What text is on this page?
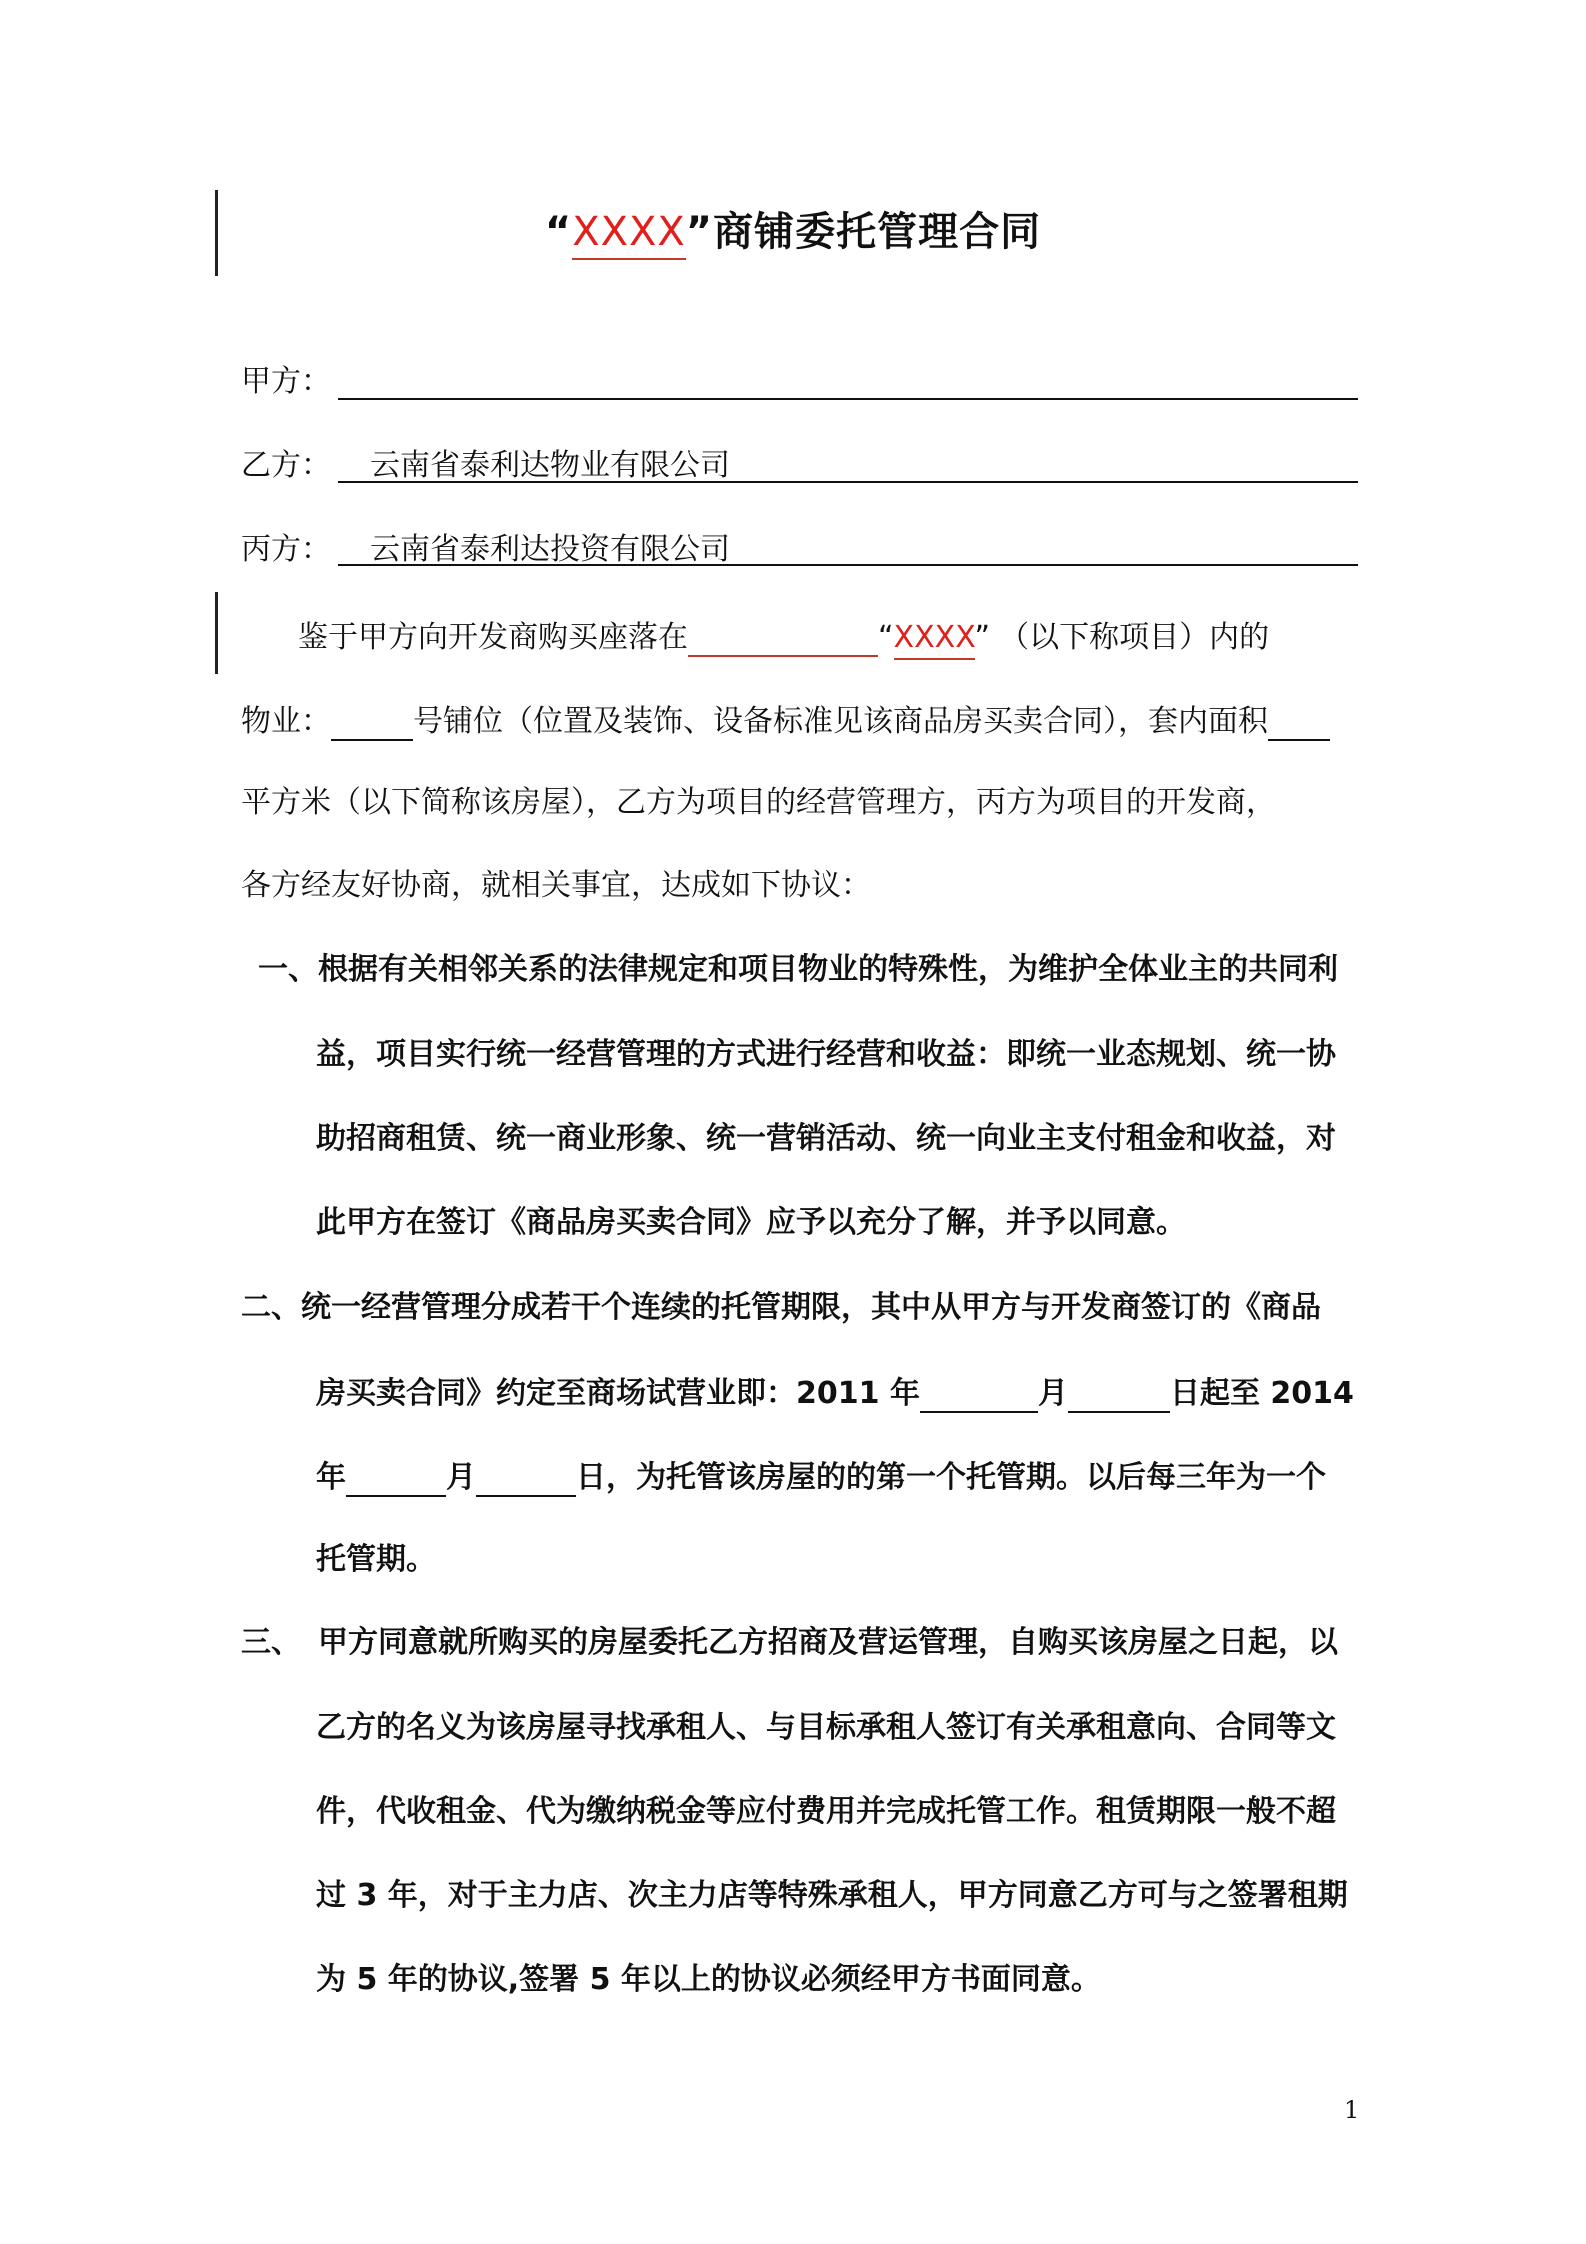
“XXXX”商铺委托管理合同
甲方：
乙方： 云南省泰利达物业有限公司
丙方： 云南省泰利达投资有限公司
鉴于甲方向开发商购买座落在	“XXXX” （以下称项目）内的
物业：	号铺位（位置及装饰、设备标准见该商品房买卖合同），套内面积
平方米（以下简称该房屋），乙方为项目的经营管理方，丙方为项目的开发商，
各方经友好协商，就相关事宜，达成如下协议：
一、根据有关相邻关系的法律规定和项目物业的特殊性，为维护全体业主的共同利
益，项目实行统一经营管理的方式进行经营和收益：即统一业态规划、统一协
助招商租赁、统一商业形象、统一营销活动、统一向业主支付租金和收益，对
此甲方在签订《商品房买卖合同》应予以充分了解，并予以同意。
二、统一经营管理分成若干个连续的托管期限，其中从甲方与开发商签订的《商品
房买卖合同》约定至商场试营业即：2011 年	月	日起至 2014
年	月	日，为托管该房屋的的第一个托管期。以后每三年为一个
托管期。
三、 甲方同意就所购买的房屋委托乙方招商及营运管理，自购买该房屋之日起，以
乙方的名义为该房屋寻找承租人、与目标承租人签订有关承租意向、合同等文
件，代收租金、代为缴纳税金等应付费用并完成托管工作。租赁期限一般不超
过 3 年，对于主力店、次主力店等特殊承租人，甲方同意乙方可与之签署租期
为 5 年的协议,签署 5 年以上的协议必须经甲方书面同意。
1
